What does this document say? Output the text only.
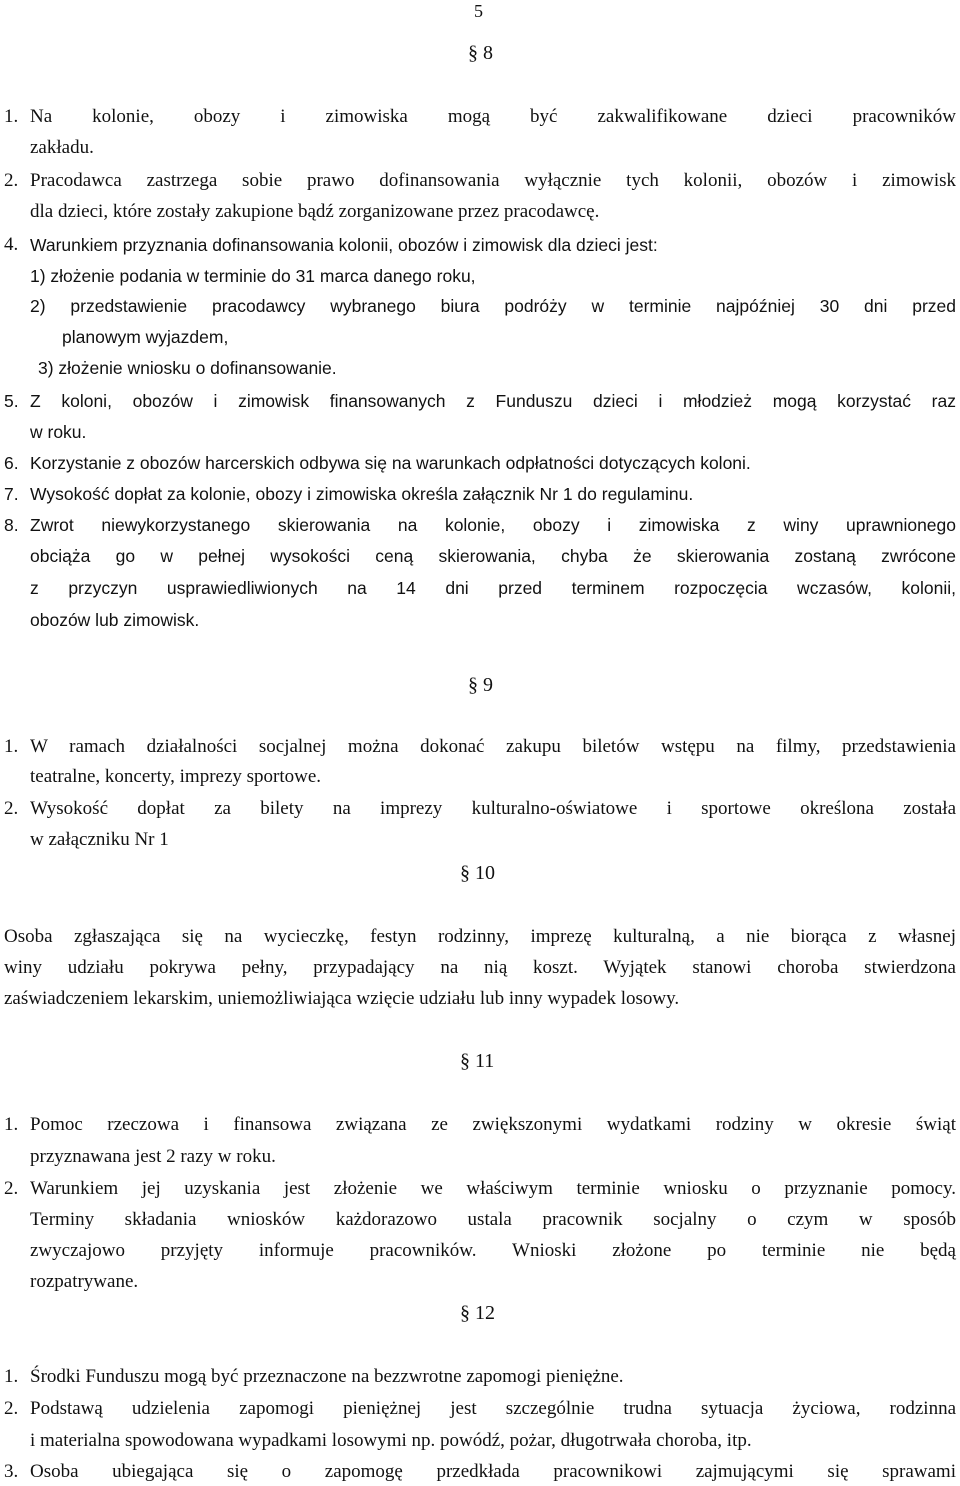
5
§ 8
1. Na kolonie, obozy i zimowiska mogą być zakwalifikowane dzieci pracowników
zakładu.
2. Pracodawca zastrzega sobie prawo dofinansowania wyłącznie tych kolonii, obozów i zimowisk
dla dzieci, które zostały zakupione bądź zorganizowane przez pracodawcę.
4. Warunkiem przyznania dofinansowania kolonii, obozów i zimowisk dla dzieci jest:
1) złożenie podania w terminie do 31 marca danego roku,
2) przedstawienie pracodawcy wybranego biura podróży w terminie najpóźniej 30 dni przed
planowym wyjazdem,
3) złożenie wniosku o dofinansowanie.
5. Z koloni, obozów i zimowisk finansowanych z Funduszu dzieci i młodzież mogą korzystać raz
w roku.
6. Korzystanie z obozów harcerskich odbywa się na warunkach odpłatności dotyczących koloni.
7. Wysokość dopłat za kolonie, obozy i zimowiska określa załącznik Nr 1 do regulaminu.
8. Zwrot niewykorzystanego skierowania na kolonie, obozy i zimowiska z winy uprawnionego
obciąża go w pełnej wysokości ceną skierowania, chyba że skierowania zostaną zwrócone
z przyczyn usprawiedliwionych na 14 dni przed terminem rozpoczęcia wczasów, kolonii,
obozów lub zimowisk.
§ 9
1. W ramach działalności socjalnej można dokonać zakupu biletów wstępu na filmy, przedstawienia
teatralne, koncerty, imprezy sportowe.
2. Wysokość dopłat za bilety na imprezy kulturalno-oświatowe i sportowe określona została
w załączniku Nr 1
§ 10
Osoba zgłaszająca się na wycieczkę, festyn rodzinny, imprezę kulturalną, a nie biorąca z własnej
winy udziału pokrywa pełny, przypadający na nią koszt. Wyjątek stanowi choroba stwierdzona
zaświadczeniem lekarskim, uniemożliwiająca wzięcie udziału lub inny wypadek losowy.
§ 11
1. Pomoc rzeczowa i finansowa związana ze zwiększonymi wydatkami rodziny w okresie świąt
przyznawana jest 2 razy w roku.
2. Warunkiem jej uzyskania jest złożenie we właściwym terminie wniosku o przyznanie pomocy.
Terminy składania wniosków każdorazowo ustala pracownik socjalny o czym w sposób
zwyczajowo przyjęty informuje pracowników. Wnioski złożone po terminie nie będą
rozpatrywane.
§ 12
1. Środki Funduszu mogą być przeznaczone na bezzwrotne zapomogi pieniężne.
2. Podstawą udzielenia zapomogi pieniężnej jest szczególnie trudna sytuacja życiowa, rodzinna
i materialna spowodowana wypadkami losowymi np. powódź, pożar, długotrwała choroba, itp.
3. Osoba ubiegająca się o zapomogę przedkłada pracownikowi zajmującymi się sprawami
